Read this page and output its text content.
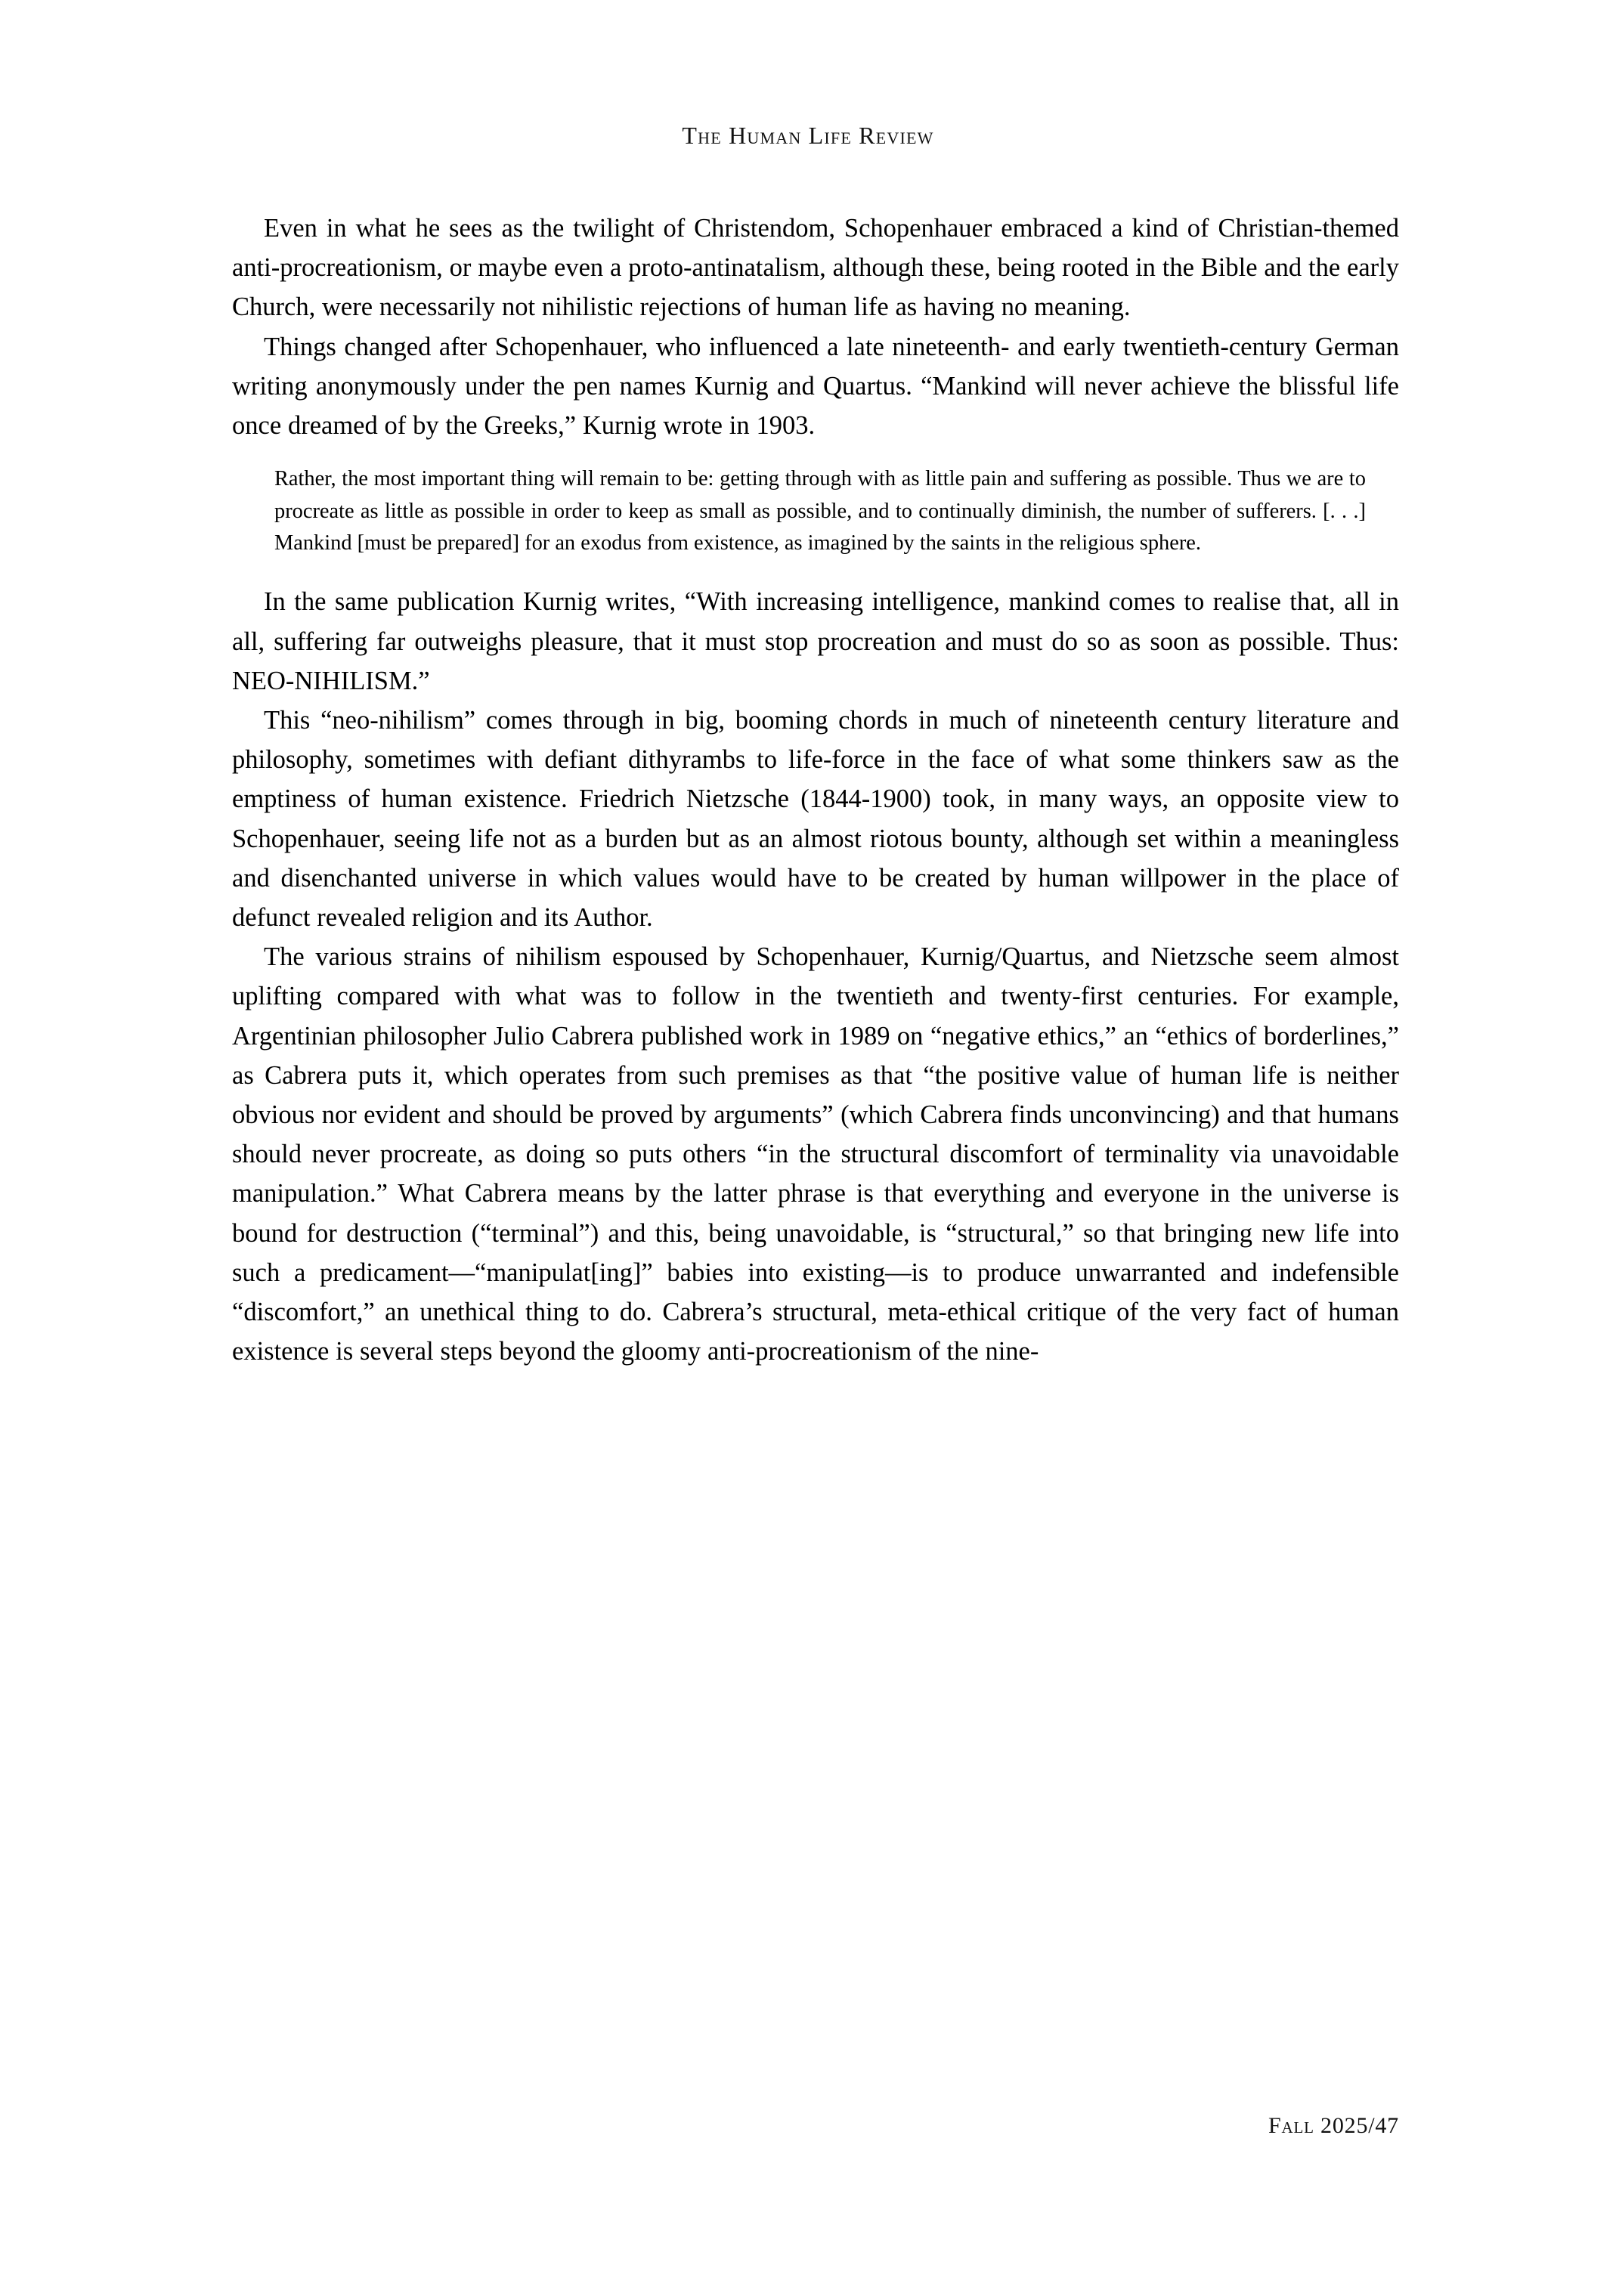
The Human Life Review

Even in what he sees as the twilight of Christendom, Schopenhauer embraced a kind of Christian-themed anti-procreationism, or maybe even a proto-antinatalism, although these, being rooted in the Bible and the early Church, were necessarily not nihilistic rejections of human life as having no meaning.

Things changed after Schopenhauer, who influenced a late nineteenth- and early twentieth-century German writing anonymously under the pen names Kurnig and Quartus. “Mankind will never achieve the blissful life once dreamed of by the Greeks,” Kurnig wrote in 1903.

Rather, the most important thing will remain to be: getting through with as little pain and suffering as possible. Thus we are to procreate as little as possible in order to keep as small as possible, and to continually diminish, the number of sufferers. [. . .] Mankind [must be prepared] for an exodus from existence, as imagined by the saints in the religious sphere.

In the same publication Kurnig writes, “With increasing intelligence, mankind comes to realise that, all in all, suffering far outweighs pleasure, that it must stop procreation and must do so as soon as possible. Thus: NEO-NIHILISM.”

This “neo-nihilism” comes through in big, booming chords in much of nineteenth century literature and philosophy, sometimes with defiant dithyrambs to life-force in the face of what some thinkers saw as the emptiness of human existence. Friedrich Nietzsche (1844-1900) took, in many ways, an opposite view to Schopenhauer, seeing life not as a burden but as an almost riotous bounty, although set within a meaningless and disenchanted universe in which values would have to be created by human willpower in the place of defunct revealed religion and its Author.

The various strains of nihilism espoused by Schopenhauer, Kurnig/Quartus, and Nietzsche seem almost uplifting compared with what was to follow in the twentieth and twenty-first centuries. For example, Argentinian philosopher Julio Cabrera published work in 1989 on “negative ethics,” an “ethics of borderlines,” as Cabrera puts it, which operates from such premises as that “the positive value of human life is neither obvious nor evident and should be proved by arguments” (which Cabrera finds unconvincing) and that humans should never procreate, as doing so puts others “in the structural discomfort of terminality via unavoidable manipulation.” What Cabrera means by the latter phrase is that everything and everyone in the universe is bound for destruction (“terminal”) and this, being unavoidable, is “structural,” so that bringing new life into such a predicament—“manipulat[ing]” babies into existing—is to produce unwarranted and indefensible “discomfort,” an unethical thing to do. Cabrera’s structural, meta-ethical critique of the very fact of human existence is several steps beyond the gloomy anti-procreationism of the nine-

Fall 2025/47
